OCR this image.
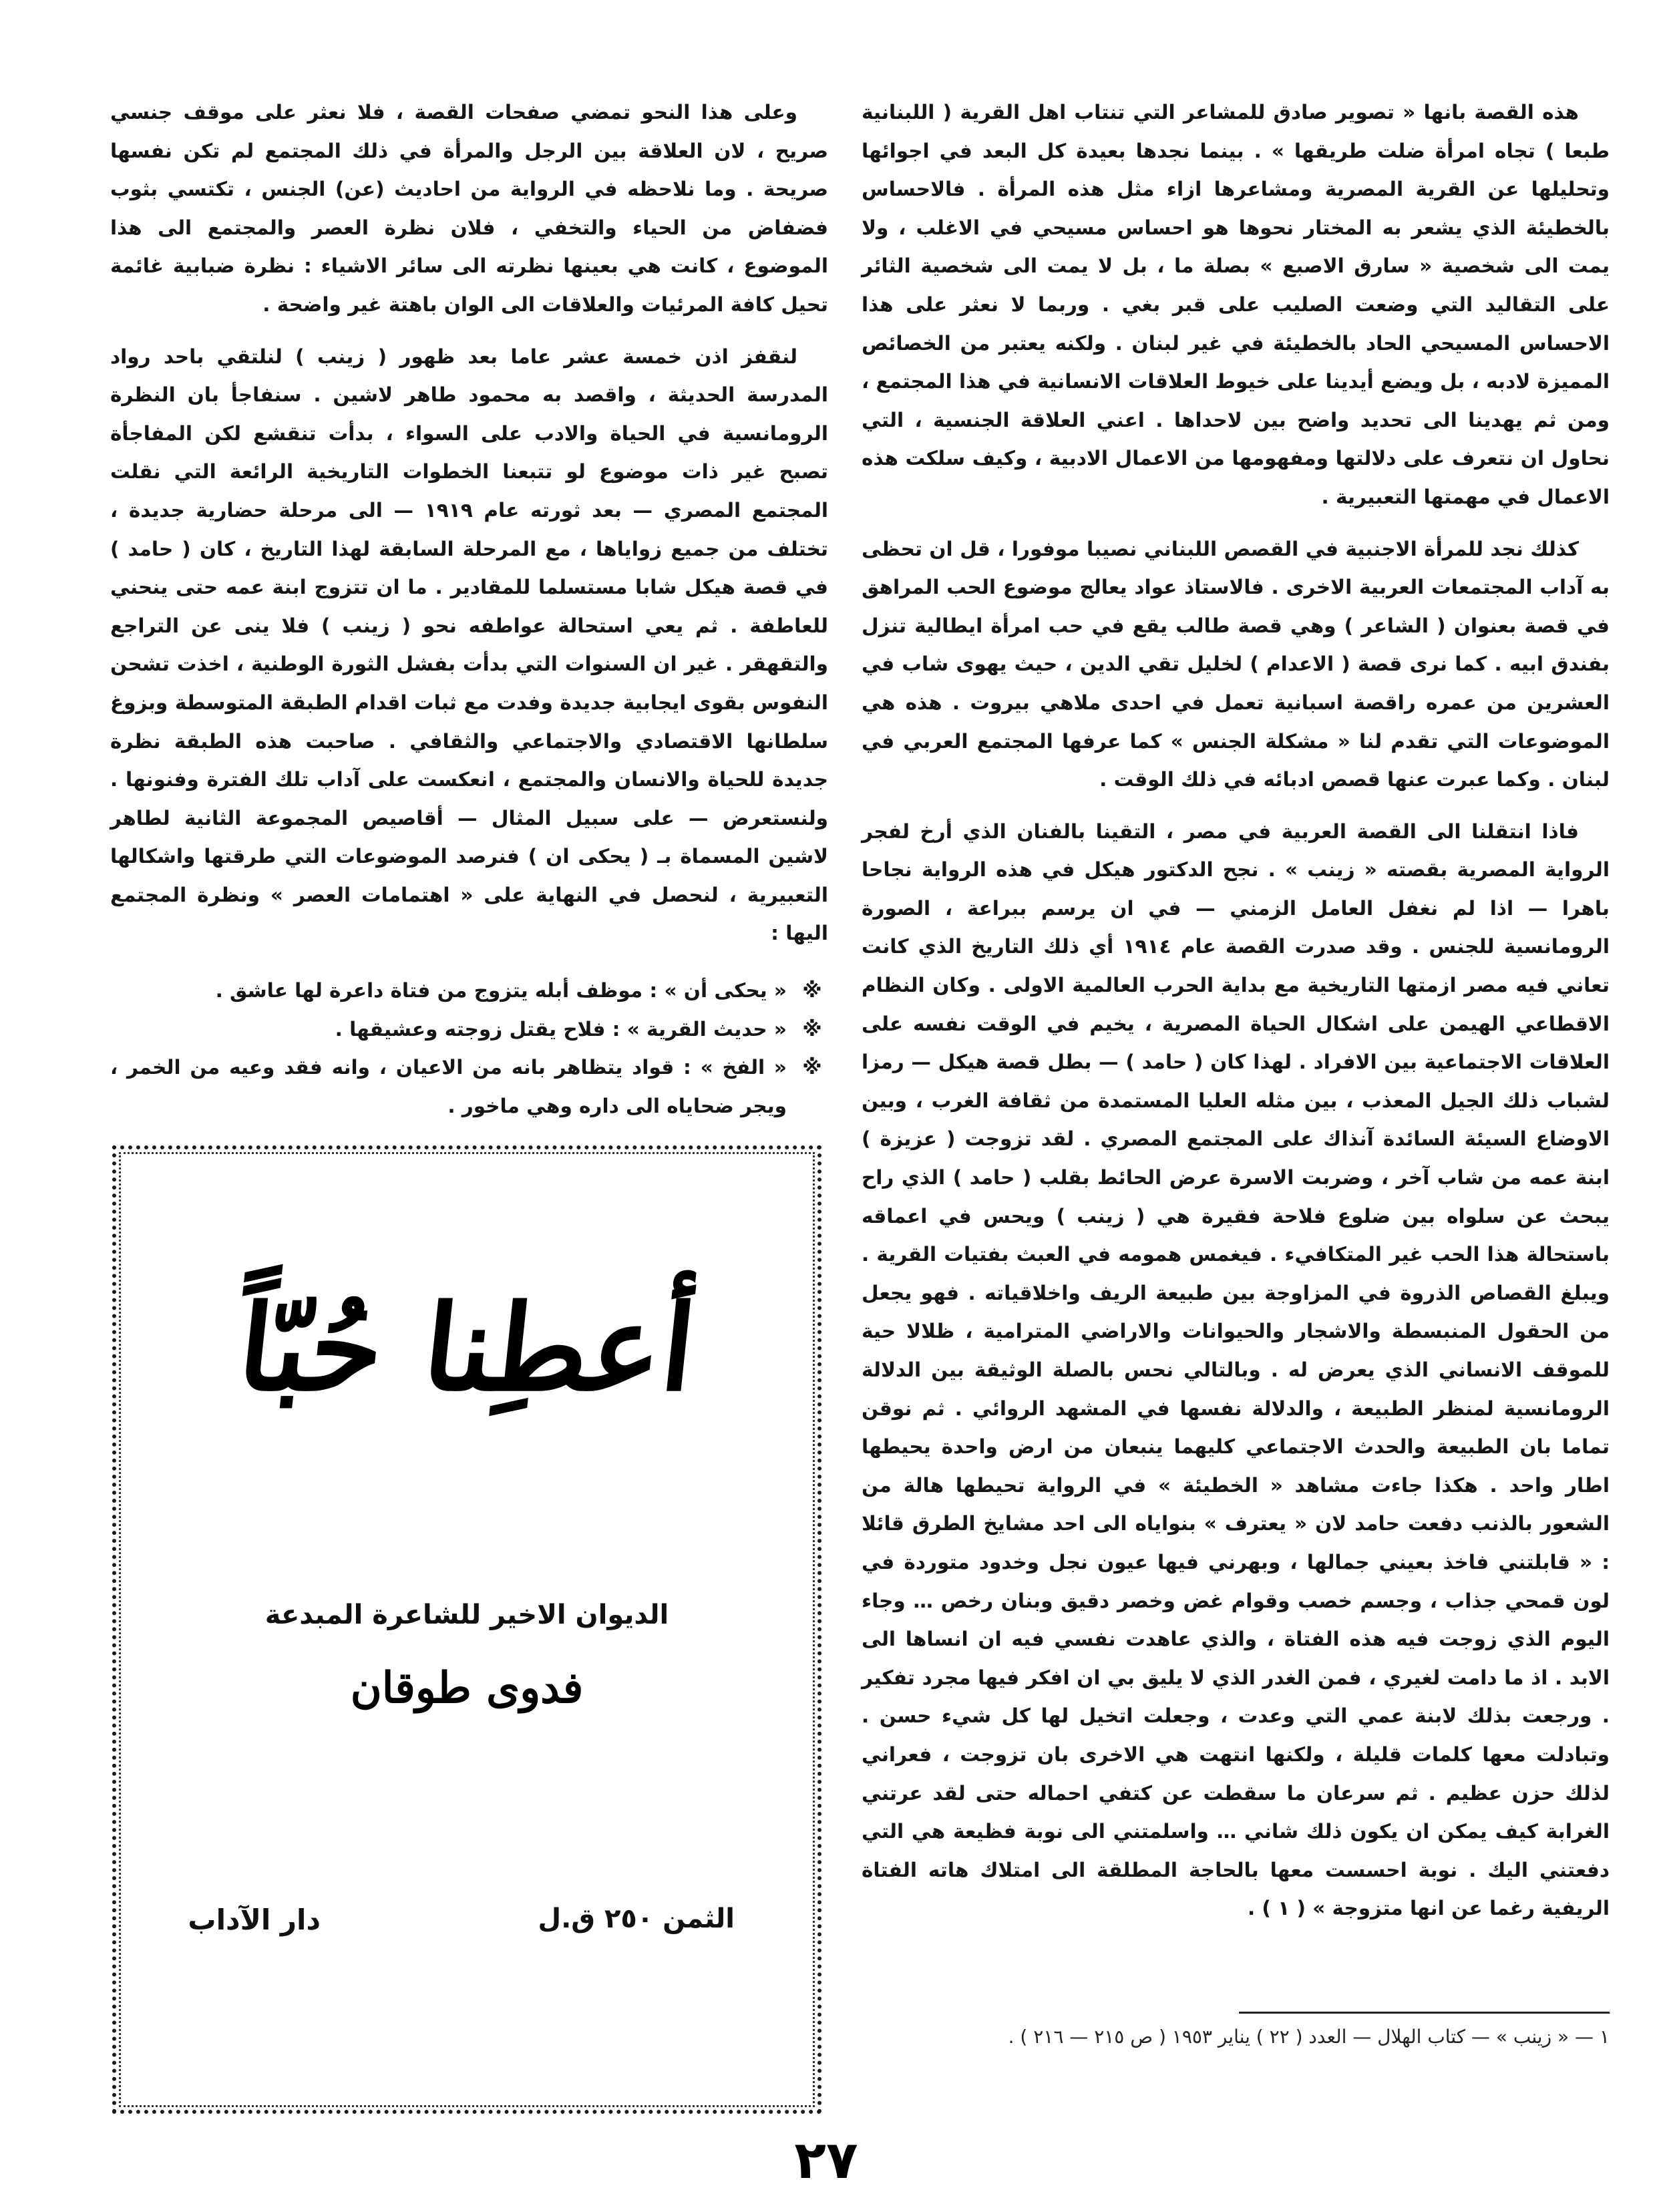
هذه القصة بانها « تصوير صادق للمشاعر التي تنتاب اهل القرية ( اللبنانية طبعا ) تجاه امرأة ضلت طريقها » . بينما نجدها بعيدة كل البعد في اجوائها وتحليلها عن القرية المصرية ومشاعرها ازاء مثل هذه المرأة . فالاحساس بالخطيئة الذي يشعر به المختار نحوها هو احساس مسيحي في الاغلب ، ولا يمت الى شخصية « سارق الاصبع » بصلة ما ، بل لا يمت الى شخصية الثائر على التقاليد التي وضعت الصليب على قبر بغي . وربما لا نعثر على هذا الاحساس المسيحي الحاد بالخطيئة في غير لبنان . ولكنه يعتبر من الخصائص المميزة لادبه ، بل ويضع أيدينا على خيوط العلاقات الانسانية في هذا المجتمع ، ومن ثم يهدينا الى تحديد واضح بين لاحداها . اعني العلاقة الجنسية ، التي نحاول ان نتعرف على دلالتها ومفهومها من الاعمال الادبية ، وكيف سلكت هذه الاعمال في مهمتها التعبيرية .

كذلك نجد للمرأة الاجنبية في القصص اللبناني نصيبا موفورا ، قل ان تحظى به آداب المجتمعات العربية الاخرى . فالاستاذ عواد يعالج موضوع الحب المراهق في قصة بعنوان ( الشاعر ) وهي قصة طالب يقع في حب امرأة ايطالية تنزل بفندق ابيه . كما نرى قصة ( الاعدام ) لخليل تقي الدين ، حيث يهوى شاب في العشرين من عمره راقصة اسبانية تعمل في احدى ملاهي بيروت . هذه هي الموضوعات التي تقدم لنا « مشكلة الجنس » كما عرفها المجتمع العربي في لبنان . وكما عبرت عنها قصص ادبائه في ذلك الوقت .

فاذا انتقلنا الى القصة العربية في مصر ، التقينا بالفنان الذي أرخ لفجر الرواية المصرية بقصته « زينب » . نجح الدكتور هيكل في هذه الرواية نجاحا باهرا — اذا لم نغفل العامل الزمني — في ان يرسم ببراعة ، الصورة الرومانسية للجنس . وقد صدرت القصة عام ١٩١٤ أي ذلك التاريخ الذي كانت تعاني فيه مصر ازمتها التاريخية مع بداية الحرب العالمية الاولى . وكان النظام الاقطاعي الهيمن على اشكال الحياة المصرية ، يخيم في الوقت نفسه على العلاقات الاجتماعية بين الافراد . لهذا كان ( حامد ) — بطل قصة هيكل — رمزا لشباب ذلك الجيل المعذب ، بين مثله العليا المستمدة من ثقافة الغرب ، وبين الاوضاع السيئة السائدة آنذاك على المجتمع المصري . لقد تزوجت ( عزيزة ) ابنة عمه من شاب آخر ، وضربت الاسرة عرض الحائط بقلب ( حامد ) الذي راح يبحث عن سلواه بين ضلوع فلاحة فقيرة هي ( زينب ) ويحس في اعماقه باستحالة هذا الحب غير المتكافيء . فيغمس همومه في العبث بفتيات القرية . ويبلغ القصاص الذروة في المزاوجة بين طبيعة الريف واخلاقياته . فهو يجعل من الحقول المنبسطة والاشجار والحيوانات والاراضي المترامية ، ظلالا حية للموقف الانساني الذي يعرض له . وبالتالي نحس بالصلة الوثيقة بين الدلالة الرومانسية لمنظر الطبيعة ، والدلالة نفسها في المشهد الروائي . ثم نوقن تماما بان الطبيعة والحدث الاجتماعي كليهما ينبعان من ارض واحدة يحيطها اطار واحد . هكذا جاءت مشاهد « الخطيئة » في الرواية تحيطها هالة من الشعور بالذنب دفعت حامد لان « يعترف » بنواياه الى احد مشايخ الطرق قائلا : « قابلتني فاخذ بعيني جمالها ، وبهرني فيها عيون نجل وخدود متوردة في لون قمحي جذاب ، وجسم خصب وقوام غض وخصر دقيق وبنان رخص … وجاء اليوم الذي زوجت فيه هذه الفتاة ، والذي عاهدت نفسي فيه ان انساها الى الابد . اذ ما دامت لغيري ، فمن الغدر الذي لا يليق بي ان افكر فيها مجرد تفكير . ورجعت بذلك لابنة عمي التي وعدت ، وجعلت اتخيل لها كل شيء حسن . وتبادلت معها كلمات قليلة ، ولكنها انتهت هي الاخرى بان تزوجت ، فعراني لذلك حزن عظيم . ثم سرعان ما سقطت عن كتفي احماله حتى لقد عرتني الغرابة كيف يمكن ان يكون ذلك شاني … واسلمتني الى نوبة فظيعة هي التي دفعتني اليك . نوبة احسست معها بالحاجة المطلقة الى امتلاك هاته الفتاة الريفية رغما عن انها متزوجة » ( ١ ) .

وعلى هذا النحو تمضي صفحات القصة ، فلا نعثر على موقف جنسي صريح ، لان العلاقة بين الرجل والمرأة في ذلك المجتمع لم تكن نفسها صريحة . وما نلاحظه في الرواية من احاديث (عن) الجنس ، تكتسي بثوب فضفاض من الحياء والتخفي ، فلان نظرة العصر والمجتمع الى هذا الموضوع ، كانت هي بعينها نظرته الى سائر الاشياء : نظرة ضبابية غائمة تحيل كافة المرئيات والعلاقات الى الوان باهتة غير واضحة .

لنقفز اذن خمسة عشر عاما بعد ظهور ( زينب ) لنلتقي باحد رواد المدرسة الحديثة ، واقصد به محمود طاهر لاشين . سنفاجأ بان النظرة الرومانسية في الحياة والادب على السواء ، بدأت تنقشع لكن المفاجأة تصبح غير ذات موضوع لو تتبعنا الخطوات التاريخية الرائعة التي نقلت المجتمع المصري — بعد ثورته عام ١٩١٩ — الى مرحلة حضارية جديدة ، تختلف من جميع زواياها ، مع المرحلة السابقة لهذا التاريخ ، كان ( حامد ) في قصة هيكل شابا مستسلما للمقادير . ما ان تتزوج ابنة عمه حتى ينحني للعاطفة . ثم يعي استحالة عواطفه نحو ( زينب ) فلا ينى عن التراجع والتقهقر . غير ان السنوات التي بدأت بفشل الثورة الوطنية ، اخذت تشحن النفوس بقوى ايجابية جديدة وفدت مع ثبات اقدام الطبقة المتوسطة وبزوغ سلطانها الاقتصادي والاجتماعي والثقافي . صاحبت هذه الطبقة نظرة جديدة للحياة والانسان والمجتمع ، انعكست على آداب تلك الفترة وفنونها . ولنستعرض — على سبيل المثال — أقاصيص المجموعة الثانية لطاهر لاشين المسماة بـ ( يحكى ان ) فنرصد الموضوعات التي طرقتها واشكالها التعبيرية ، لنحصل في النهاية على « اهتمامات العصر » ونظرة المجتمع اليها :

※
« يحكى أن » : موظف أبله يتزوج من فتاة داعرة لها عاشق .
※
« حديث القرية » : فلاح يقتل زوجته وعشيقها .
※
« الفخ » : قواد يتظاهر بانه من الاعيان ، وانه فقد وعيه من الخمر ، ويجر ضحاياه الى داره وهي ماخور .
أعطِنا حُبّاً
الديوان الاخير للشاعرة المبدعة
فدوى طوقان
الثمن ٢٥٠ ق.ل
دار الآداب
١ — « زينب » — كتاب الهلال — العدد ( ٢٢ ) يناير ١٩٥٣ ( ص ٢١٥ — ٢١٦ ) .
٢٧
